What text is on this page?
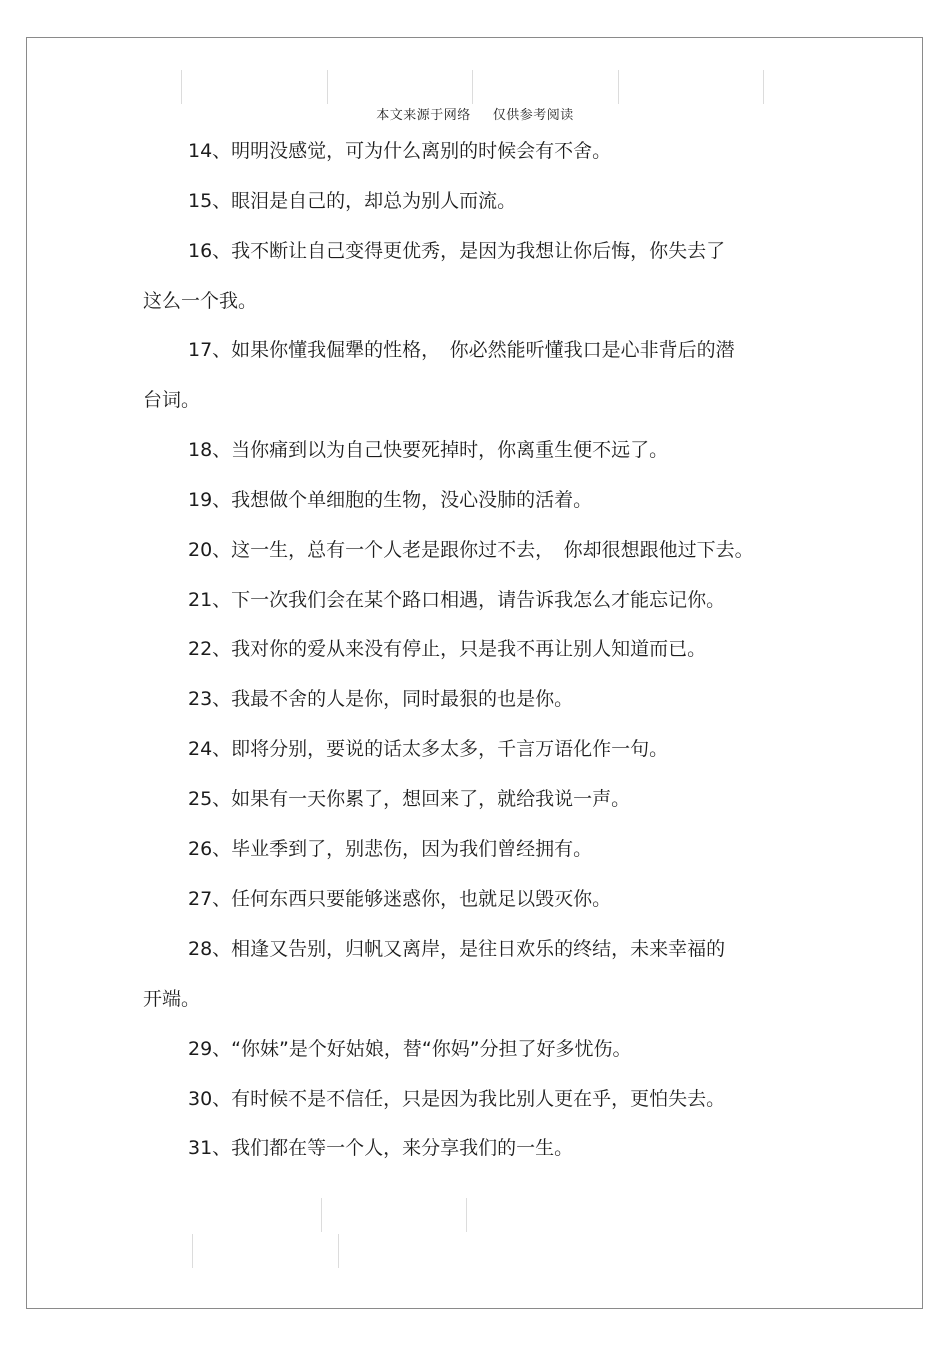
本文来源于网络 仅供参考阅读
14、明明没感觉，可为什么离别的时候会有不舍。
15、眼泪是自己的，却总为别人而流。
16、我不断让自己变得更优秀，是因为我想让你后悔，你失去了
这么一个我。
17、如果你懂我倔犟的性格，　你必然能听懂我口是心非背后的潜
台词。
18、当你痛到以为自己快要死掉时，你离重生便不远了。
19、我想做个单细胞的生物，没心没肺的活着。
20、这一生，总有一个人老是跟你过不去，　你却很想跟他过下去。
21、下一次我们会在某个路口相遇，请告诉我怎么才能忘记你。
22、我对你的爱从来没有停止，只是我不再让别人知道而已。
23、我最不舍的人是你，同时最狠的也是你。
24、即将分别，要说的话太多太多，千言万语化作一句。
25、如果有一天你累了，想回来了，就给我说一声。
26、毕业季到了，别悲伤，因为我们曾经拥有。
27、任何东西只要能够迷惑你，也就足以毁灭你。
28、相逢又告别，归帆又离岸，是往日欢乐的终结，未来幸福的
开端。
29、“你妹”是个好姑娘，替“你妈”分担了好多忧伤。
30、有时候不是不信任，只是因为我比别人更在乎，更怕失去。
31、我们都在等一个人，来分享我们的一生。
